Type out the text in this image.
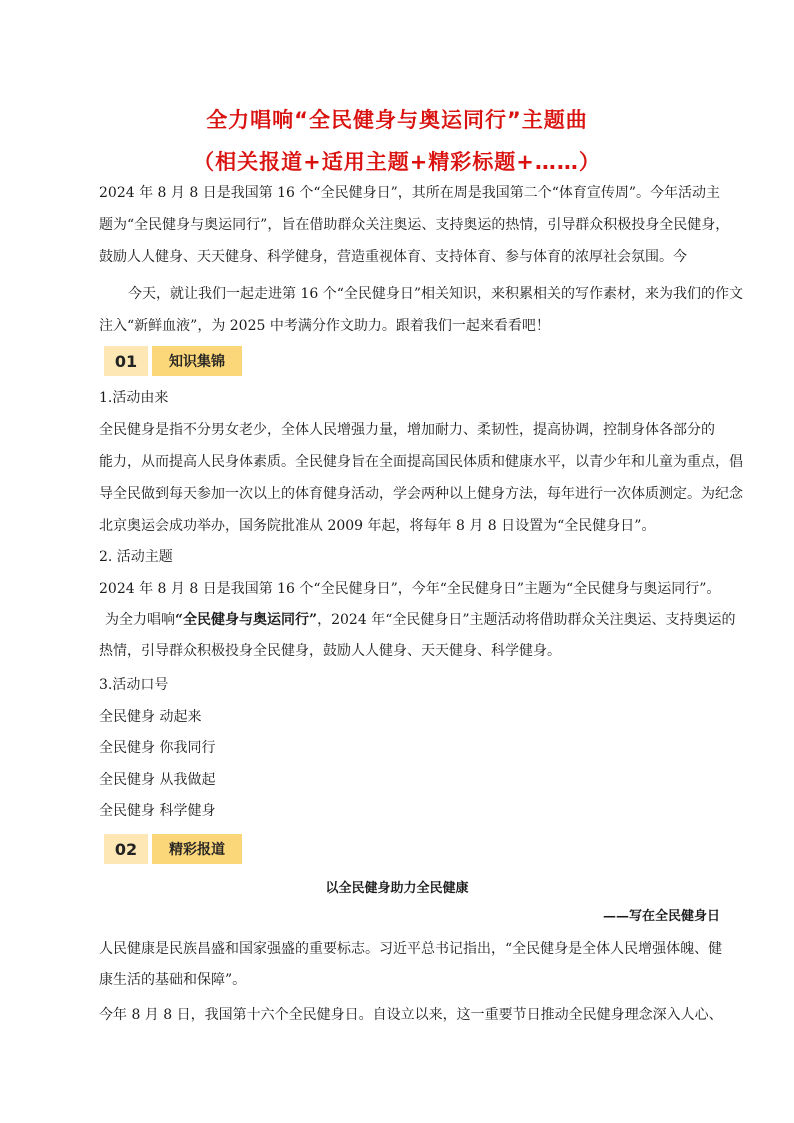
全力唱响“全民健身与奥运同行”主题曲
（相关报道+适用主题+精彩标题+……）
2024 年 8 月 8 日是我国第 16 个“全民健身日”，其所在周是我国第二个“体育宣传周”。今年活动主
题为“全民健身与奥运同行”，旨在借助群众关注奥运、支持奥运的热情，引导群众积极投身全民健身，
鼓励人人健身、天天健身、科学健身，营造重视体育、支持体育、参与体育的浓厚社会氛围。今
今天，就让我们一起走进第 16 个“全民健身日”相关知识，来积累相关的写作素材，来为我们的作文
注入“新鲜血液”，为 2025 中考满分作文助力。跟着我们一起来看看吧！
01	知识集锦
1.活动由来
全民健身是指不分男女老少，全体人民增强力量，增加耐力、柔韧性，提高协调，控制身体各部分的
能力，从而提高人民身体素质。全民健身旨在全面提高国民体质和健康水平，以青少年和儿童为重点，倡
导全民做到每天参加一次以上的体育健身活动，学会两种以上健身方法，每年进行一次体质测定。为纪念
北京奥运会成功举办，国务院批准从 2009 年起，将每年 8 月 8 日设置为“全民健身日”。
2. 活动主题
2024 年 8 月 8 日是我国第 16 个“全民健身日”，今年“全民健身日”主题为“全民健身与奥运同行”。
为全力唱响“全民健身与奥运同行”，2024 年“全民健身日”主题活动将借助群众关注奥运、支持奥运的
热情，引导群众积极投身全民健身，鼓励人人健身、天天健身、科学健身。
3.活动口号
全民健身 动起来
全民健身 你我同行
全民健身 从我做起
全民健身 科学健身
02	精彩报道
以全民健身助力全民健康
——写在全民健身日
人民健康是民族昌盛和国家强盛的重要标志。习近平总书记指出，“全民健身是全体人民增强体魄、健
康生活的基础和保障”。
今年 8 月 8 日，我国第十六个全民健身日。自设立以来，这一重要节日推动全民健身理念深入人心、
